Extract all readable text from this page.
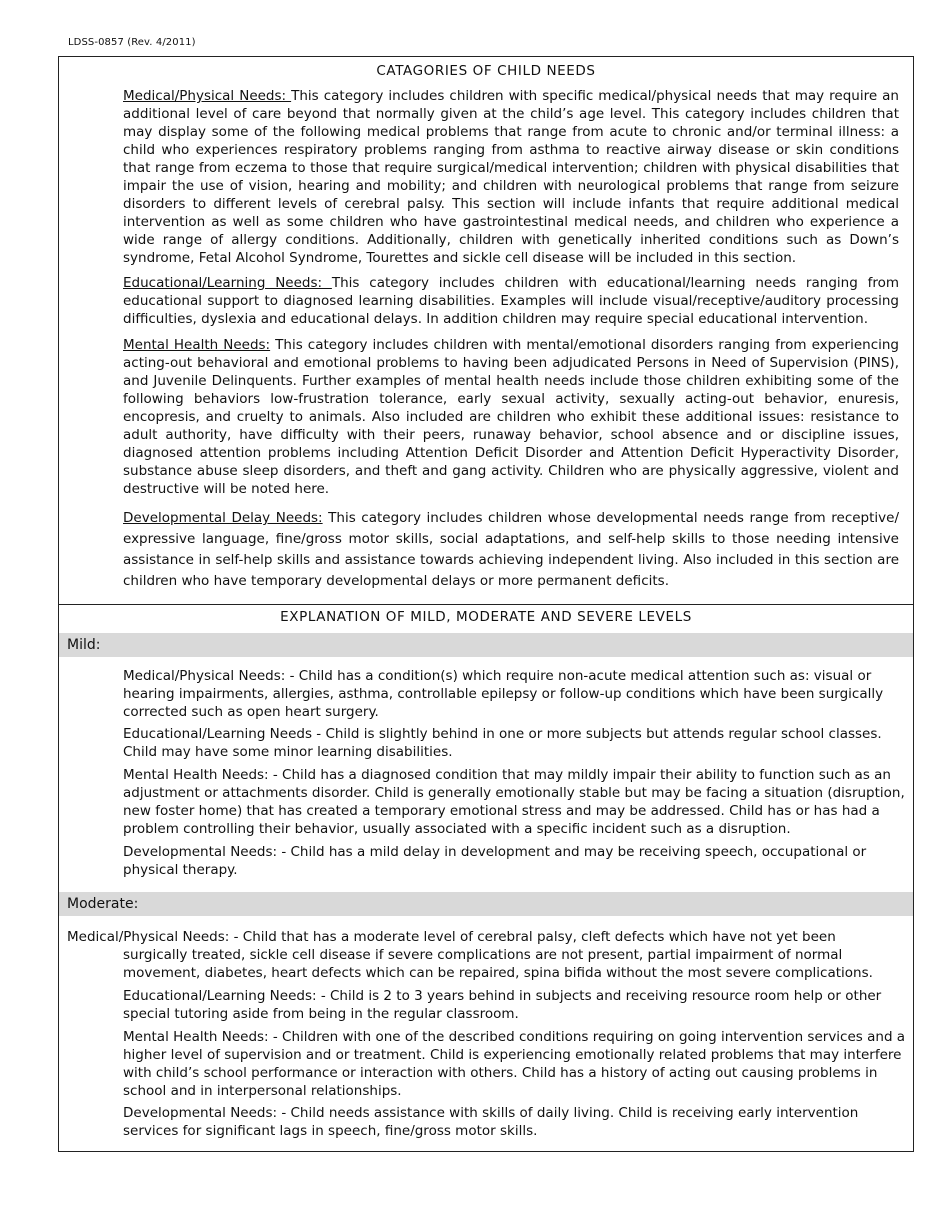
LDSS-0857 (Rev. 4/2011)
CATAGORIES OF CHILD NEEDS
Medical/Physical Needs: This category includes children with specific medical/physical needs that may require an additional level of care beyond that normally given at the child’s age level. This category includes children that may display some of the following medical problems that range from acute to chronic and/or terminal illness: a child who experiences respiratory problems ranging from asthma to reactive airway disease or skin conditions that range from eczema to those that require surgical/medical intervention; children with physical disabilities that impair the use of vision, hearing and mobility; and children with neurological problems that range from seizure disorders to different levels of cerebral palsy. This section will include infants that require additional medical intervention as well as some children who have gastrointestinal medical needs, and children who experience a wide range of allergy conditions. Additionally, children with genetically inherited conditions such as Down’s syndrome, Fetal Alcohol Syndrome, Tourettes and sickle cell disease will be included in this section.
Educational/Learning Needs: This category includes children with educational/learning needs ranging from educational support to diagnosed learning disabilities. Examples will include visual/receptive/auditory processing difficulties, dyslexia and educational delays. In addition children may require special educational intervention.
Mental Health Needs: This category includes children with mental/emotional disorders ranging from experiencing acting-out behavioral and emotional problems to having been adjudicated Persons in Need of Supervision (PINS), and Juvenile Delinquents. Further examples of mental health needs include those children exhibiting some of the following behaviors low-frustration tolerance, early sexual activity, sexually acting-out behavior, enuresis, encopresis, and cruelty to animals. Also included are children who exhibit these additional issues: resistance to adult authority, have difficulty with their peers, runaway behavior, school absence and or discipline issues, diagnosed attention problems including Attention Deficit Disorder and Attention Deficit Hyperactivity Disorder, substance abuse sleep disorders, and theft and gang activity. Children who are physically aggressive, violent and destructive will be noted here.
Developmental Delay Needs: This category includes children whose developmental needs range from receptive/ expressive language, fine/gross motor skills, social adaptations, and self-help skills to those needing intensive assistance in self-help skills and assistance towards achieving independent living. Also included in this section are children who have temporary developmental delays or more permanent deficits.
EXPLANATION OF MILD, MODERATE AND SEVERE LEVELS
Mild:
Medical/Physical Needs: - Child has a condition(s) which require non-acute medical attention such as: visual or hearing impairments, allergies, asthma, controllable epilepsy or follow-up conditions which have been surgically corrected such as open heart surgery.
Educational/Learning Needs - Child is slightly behind in one or more subjects but attends regular school classes. Child may have some minor learning disabilities.
Mental Health Needs: - Child has a diagnosed condition that may mildly impair their ability to function such as an adjustment or attachments disorder. Child is generally emotionally stable but may be facing a situation (disruption, new foster home) that has created a temporary emotional stress and may be addressed. Child has or has had a problem controlling their behavior, usually associated with a specific incident such as a disruption.
Developmental Needs: - Child has a mild delay in development and may be receiving speech, occupational or physical therapy.
Moderate:
Medical/Physical Needs: - Child that has a moderate level of cerebral palsy, cleft defects which have not yet been surgically treated, sickle cell disease if severe complications are not present, partial impairment of normal movement, diabetes, heart defects which can be repaired, spina bifida without the most severe complications.
Educational/Learning Needs: - Child is 2 to 3 years behind in subjects and receiving resource room help or other special tutoring aside from being in the regular classroom.
Mental Health Needs: - Children with one of the described conditions requiring on going intervention services and a higher level of supervision and or treatment. Child is experiencing emotionally related problems that may interfere with child’s school performance or interaction with others. Child has a history of acting out causing problems in school and in interpersonal relationships.
Developmental Needs: - Child needs assistance with skills of daily living. Child is receiving early intervention services for significant lags in speech, fine/gross motor skills.
